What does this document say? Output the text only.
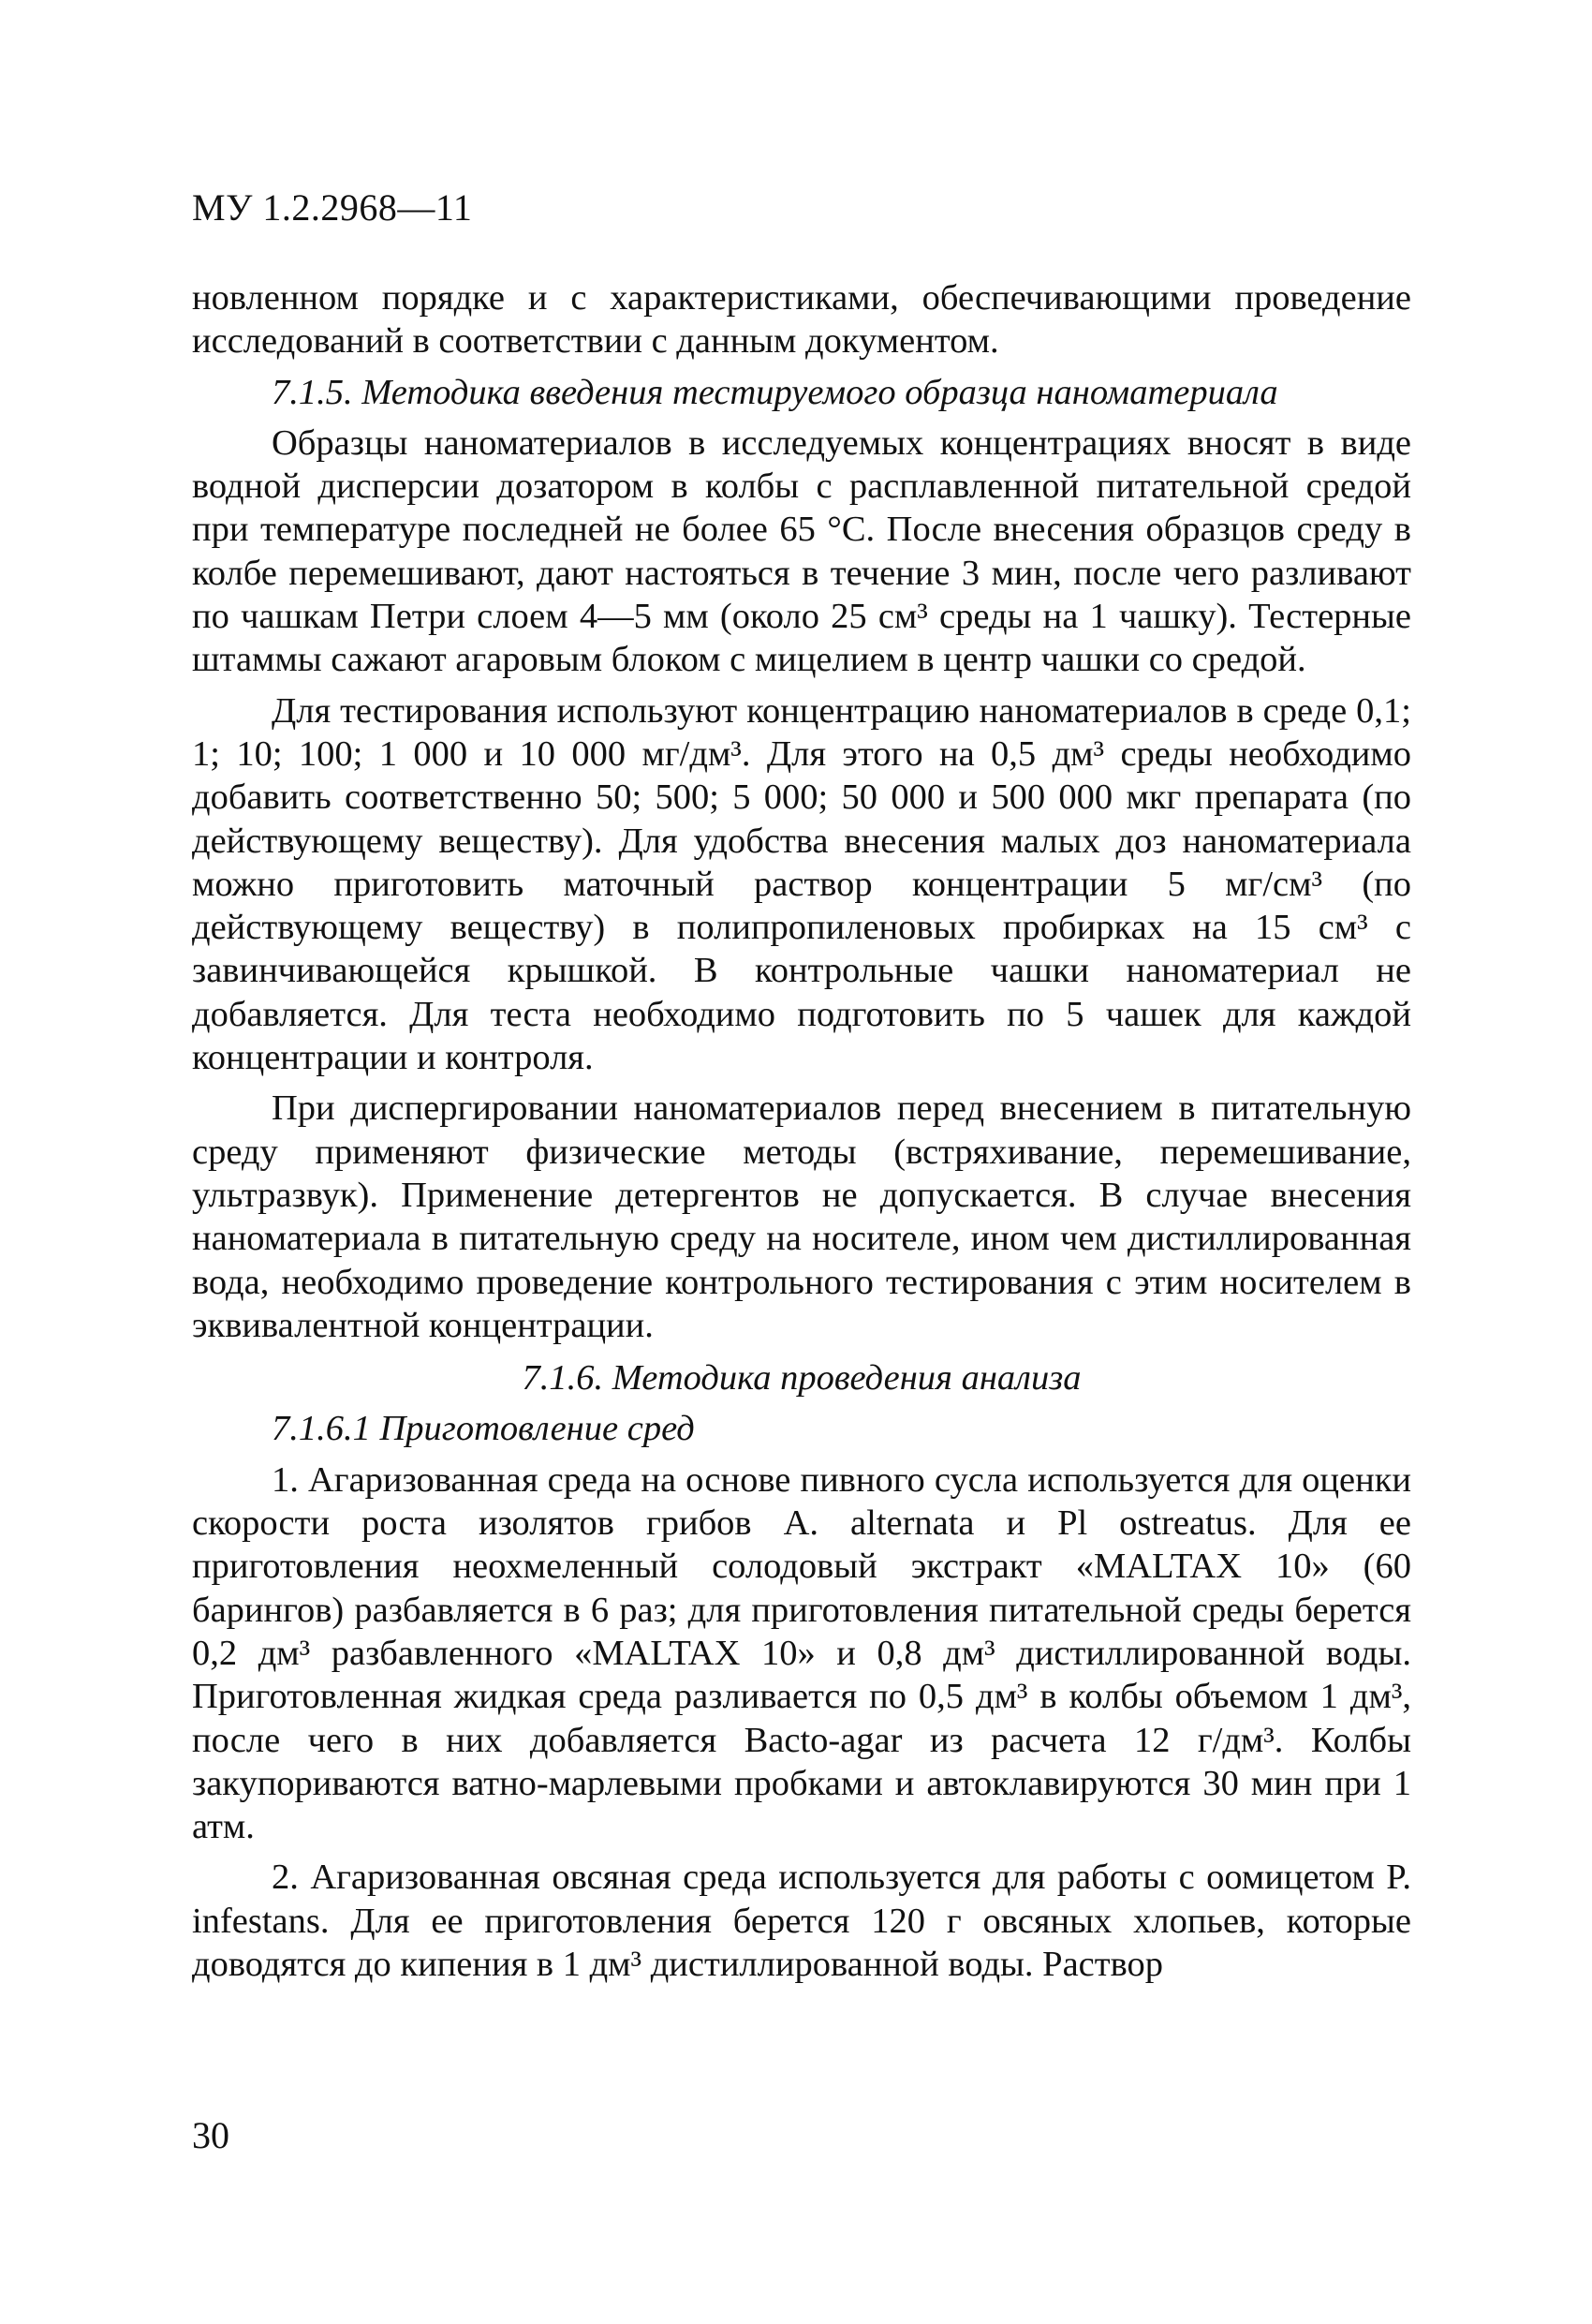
МУ 1.2.2968—11

новленном порядке и с характеристиками, обеспечивающими проведение исследований в соответствии с данным документом.

7.1.5. Методика введения тестируемого образца наноматериала

Образцы наноматериалов в исследуемых концентрациях вносят в виде водной дисперсии дозатором в колбы с расплавленной питательной средой при температуре последней не более 65 °С. После внесения образцов среду в колбе перемешивают, дают настояться в течение 3 мин, после чего разливают по чашкам Петри слоем 4—5 мм (около 25 см³ среды на 1 чашку). Тестерные штаммы сажают агаровым блоком с мицелием в центр чашки со средой.

Для тестирования используют концентрацию наноматериалов в среде 0,1; 1; 10; 100; 1 000 и 10 000 мг/дм³. Для этого на 0,5 дм³ среды необходимо добавить соответственно 50; 500; 5 000; 50 000 и 500 000 мкг препарата (по действующему веществу). Для удобства внесения малых доз наноматериала можно приготовить маточный раствор концентрации 5 мг/см³ (по действующему веществу) в полипропиленовых пробирках на 15 см³ с завинчивающейся крышкой. В контрольные чашки наноматериал не добавляется. Для теста необходимо подготовить по 5 чашек для каждой концентрации и контроля.

При диспергировании наноматериалов перед внесением в питательную среду применяют физические методы (встряхивание, перемешивание, ультразвук). Применение детергентов не допускается. В случае внесения наноматериала в питательную среду на носителе, ином чем дистиллированная вода, необходимо проведение контрольного тестирования с этим носителем в эквивалентной концентрации.

7.1.6. Методика проведения анализа
7.1.6.1 Приготовление сред

1. Агаризованная среда на основе пивного сусла используется для оценки скорости роста изолятов грибов A. alternata и Pl ostreatus. Для ее приготовления неохмеленный солодовый экстракт «MALTAX 10» (60 барингов) разбавляется в 6 раз; для приготовления питательной среды берется 0,2 дм³ разбавленного «MALTAX 10» и 0,8 дм³ дистиллированной воды. Приготовленная жидкая среда разливается по 0,5 дм³ в колбы объемом 1 дм³, после чего в них добавляется Bacto-agar из расчета 12 г/дм³. Колбы закупориваются ватно-марлевыми пробками и автоклавируются 30 мин при 1 атм.

2. Агаризованная овсяная среда используется для работы с оомицетом P. infestans. Для ее приготовления берется 120 г овсяных хлопьев, которые доводятся до кипения в 1 дм³ дистиллированной воды. Раствор

30
